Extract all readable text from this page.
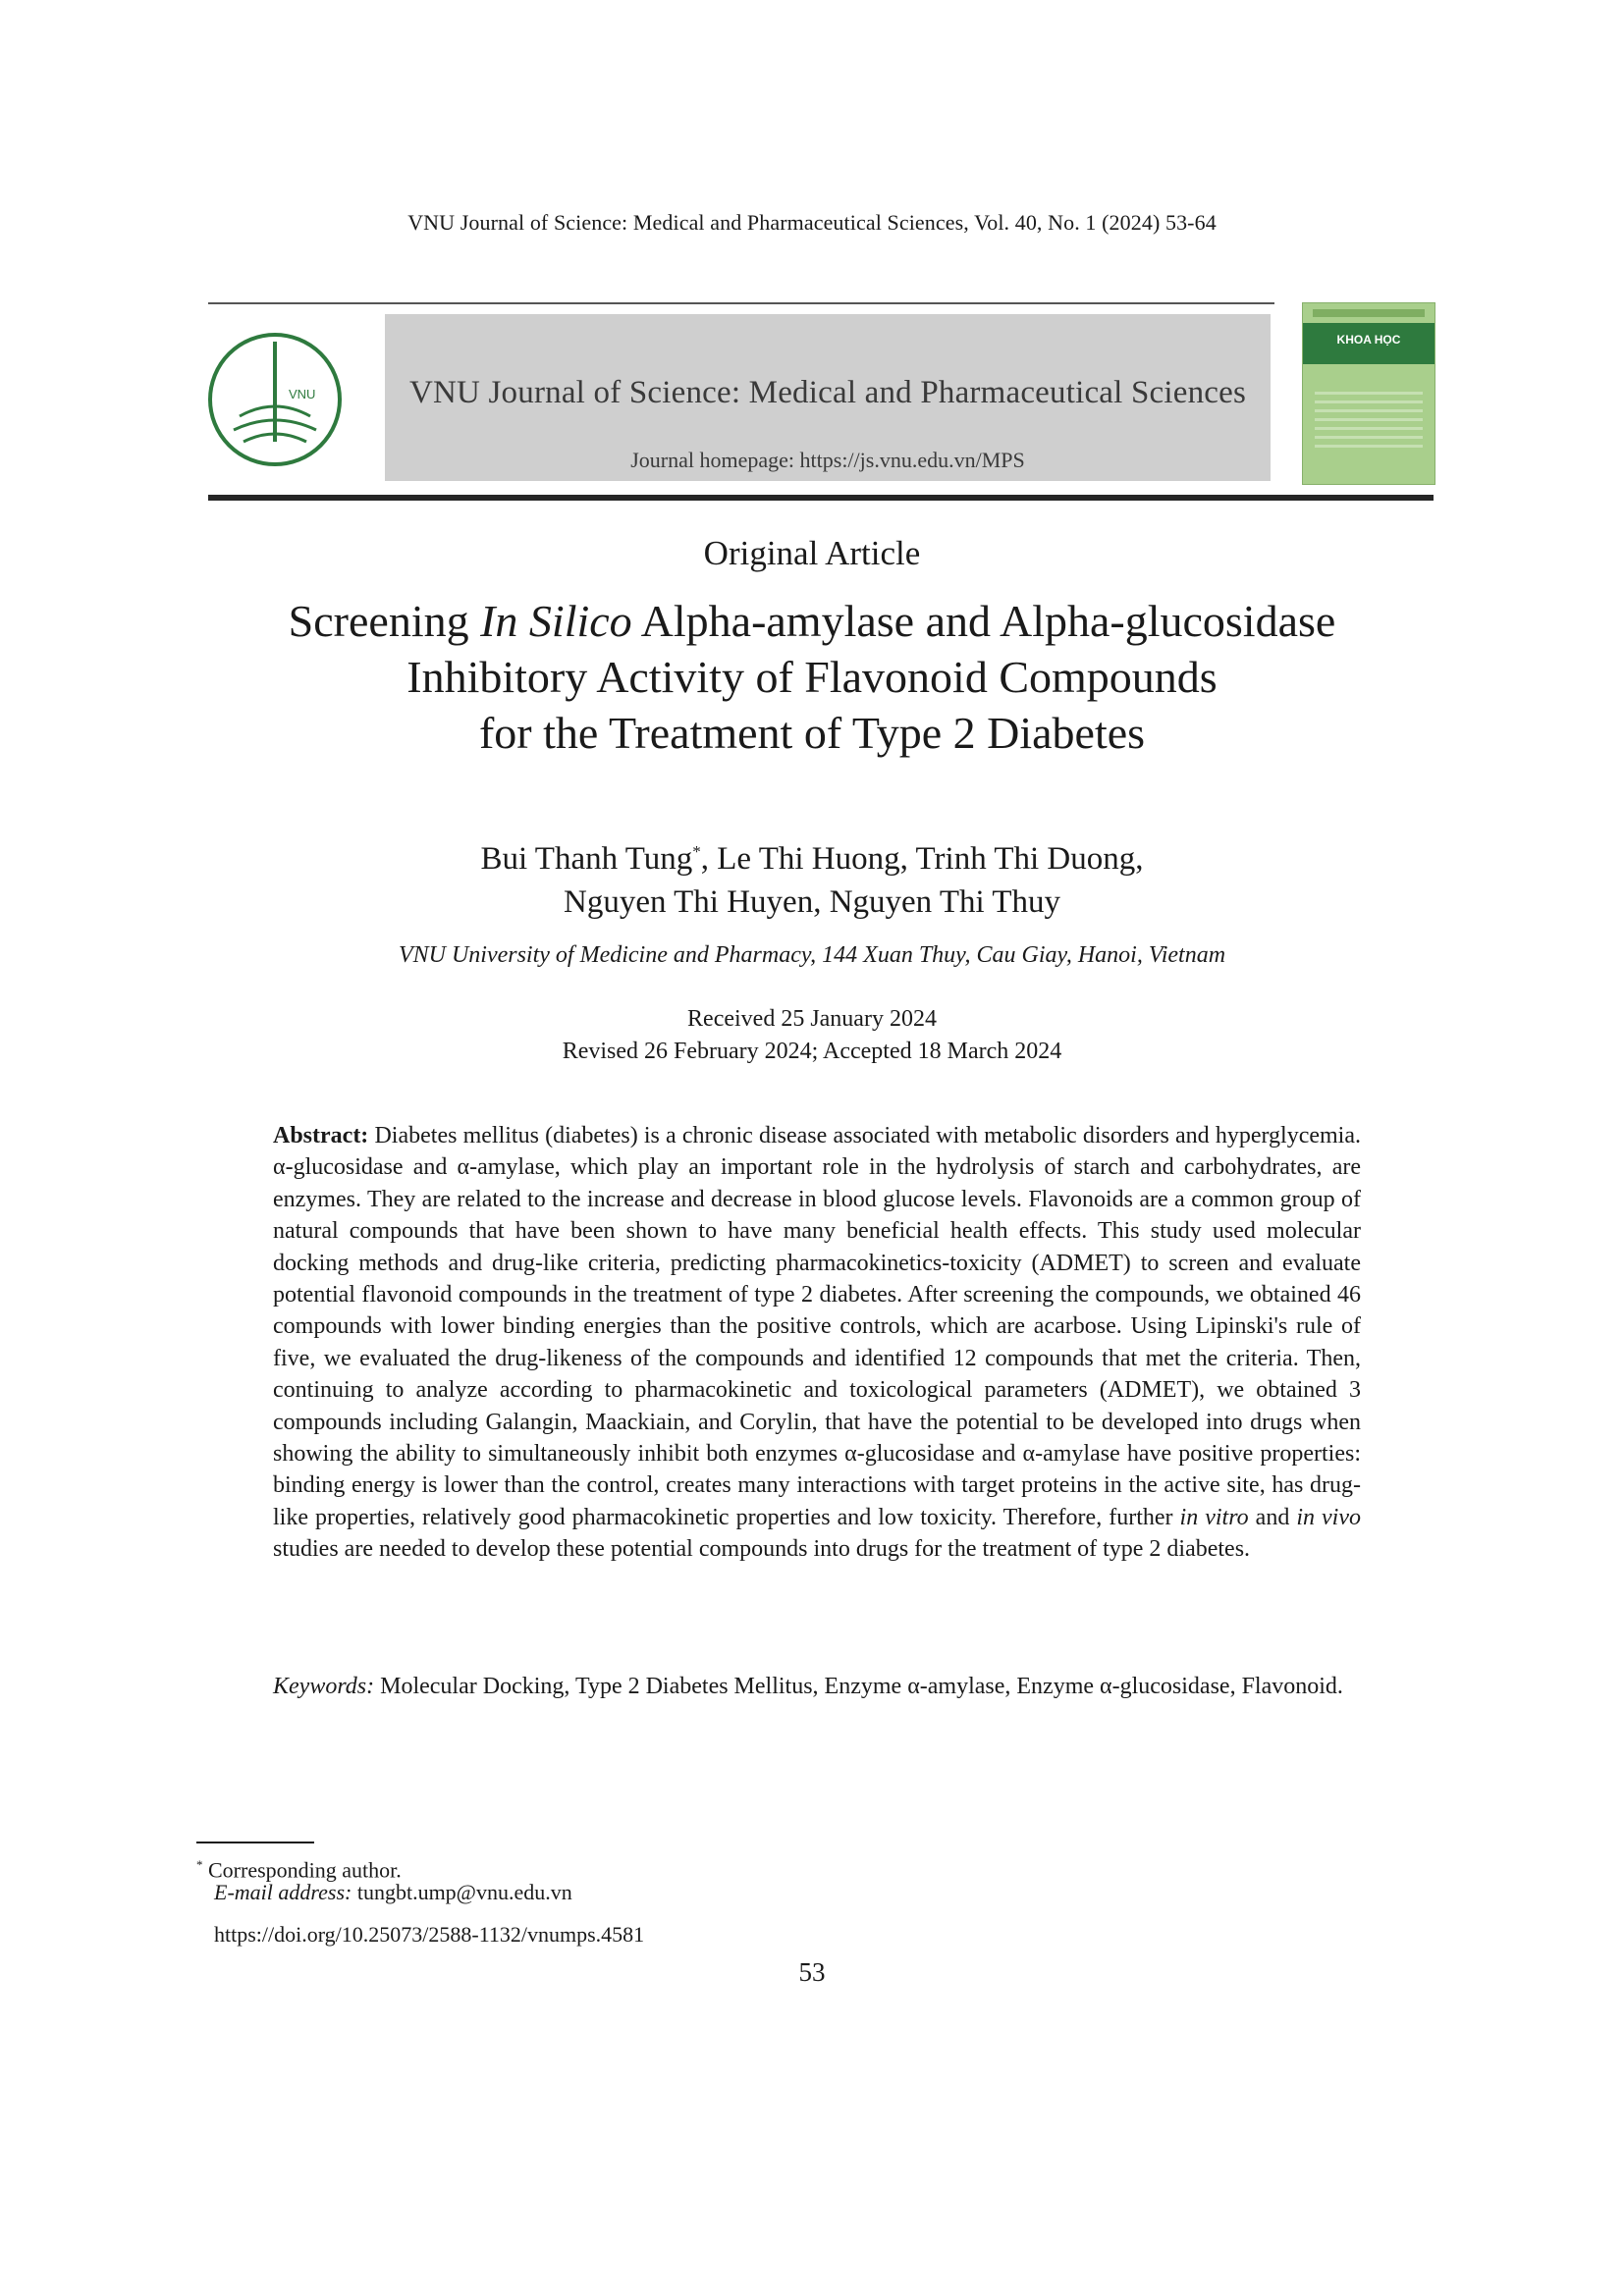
VNU Journal of Science: Medical and Pharmaceutical Sciences, Vol. 40, No. 1 (2024) 53-64
VNU	VNU Journal of Science: Medical and Pharmaceutical Sciences
Journal homepage: https://js.vnu.edu.vn/MPS
KHOA HỌC
Original Article
Screening In Silico Alpha-amylase and Alpha-glucosidase
Inhibitory Activity of Flavonoid Compounds
for the Treatment of Type 2 Diabetes
Bui Thanh Tung*, Le Thi Huong, Trinh Thi Duong,
Nguyen Thi Huyen, Nguyen Thi Thuy
VNU University of Medicine and Pharmacy, 144 Xuan Thuy, Cau Giay, Hanoi, Vietnam
Received 25 January 2024
Revised 26 February 2024; Accepted 18 March 2024
Abstract: Diabetes mellitus (diabetes) is a chronic disease associated with metabolic disorders and hyperglycemia. α-glucosidase and α-amylase, which play an important role in the hydrolysis of starch and carbohydrates, are enzymes. They are related to the increase and decrease in blood glucose levels. Flavonoids are a common group of natural compounds that have been shown to have many beneficial health effects. This study used molecular docking methods and drug-like criteria, predicting pharmacokinetics-toxicity (ADMET) to screen and evaluate potential flavonoid compounds in the treatment of type 2 diabetes. After screening the compounds, we obtained 46 compounds with lower binding energies than the positive controls, which are acarbose. Using Lipinski's rule of five, we evaluated the drug-likeness of the compounds and identified 12 compounds that met the criteria. Then, continuing to analyze according to pharmacokinetic and toxicological parameters (ADMET), we obtained 3 compounds including Galangin, Maackiain, and Corylin, that have the potential to be developed into drugs when showing the ability to simultaneously inhibit both enzymes α-glucosidase and α-amylase have positive properties: binding energy is lower than the control, creates many interactions with target proteins in the active site, has drug-like properties, relatively good pharmacokinetic properties and low toxicity. Therefore, further in vitro and in vivo studies are needed to develop these potential compounds into drugs for the treatment of type 2 diabetes.
Keywords: Molecular Docking, Type 2 Diabetes Mellitus, Enzyme α-amylase, Enzyme α-glucosidase, Flavonoid.
* Corresponding author.
E-mail address: tungbt.ump@vnu.edu.vn
https://doi.org/10.25073/2588-1132/vnumps.4581
53
